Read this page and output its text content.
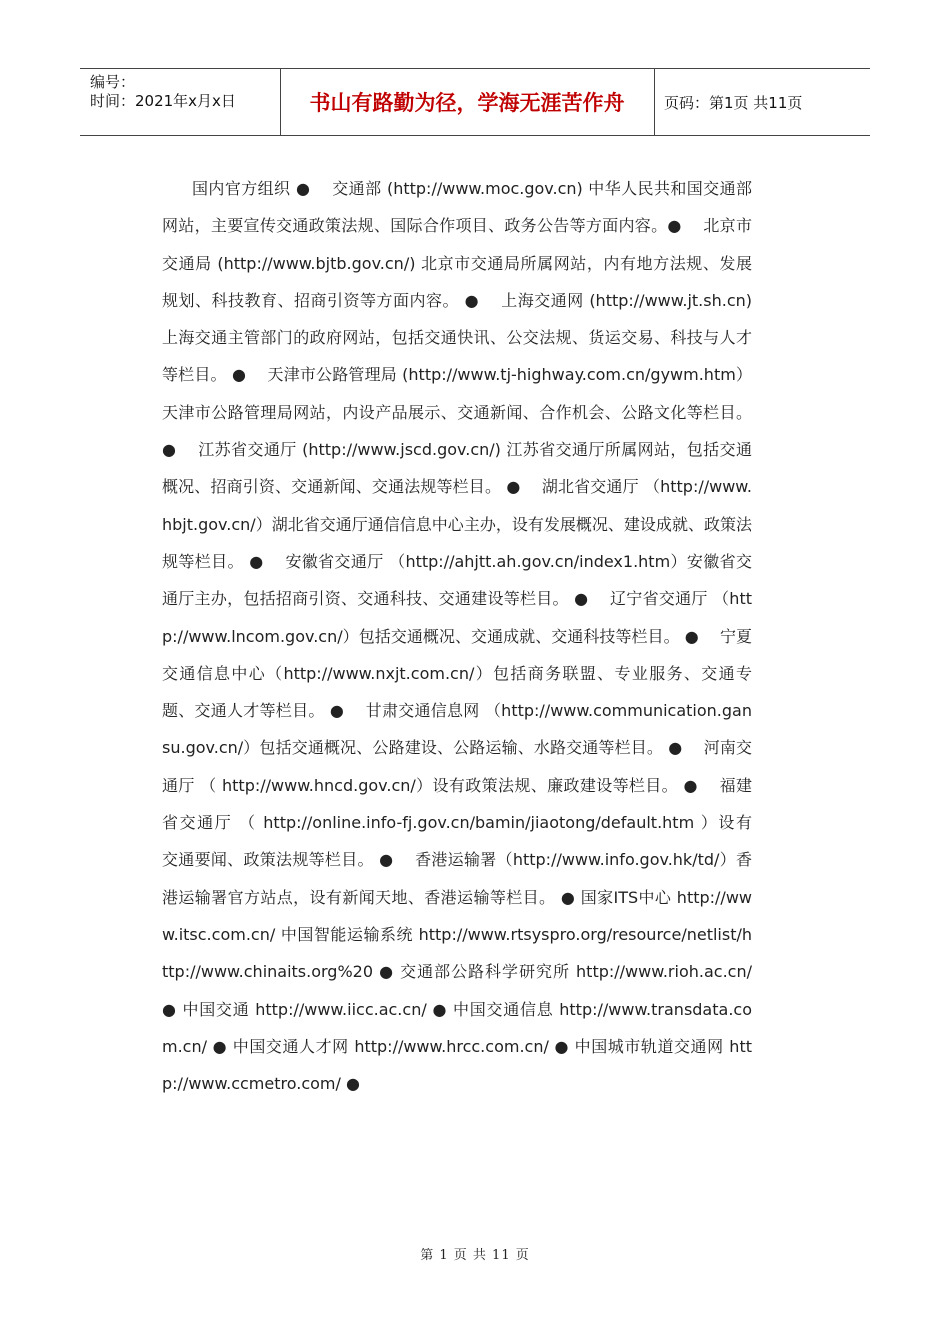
编号：
时间：2021年x月x日	书山有路勤为径，学海无涯苦作舟	页码：第1页 共11页
国内官方组织 ●　 交通部 (http://www.moc.gov.cn) 中华人民共和国交通部网站，主要宣传交通政策法规、国际合作项目、政务公告等方面内容。●　 北京市交通局 (http://www.bjtb.gov.cn/) 北京市交通局所属网站，内有地方法规、发展规划、科技教育、招商引资等方面内容。 ●　 上海交通网 (http://www.jt.sh.cn) 上海交通主管部门的政府网站，包括交通快讯、公交法规、货运交易、科技与人才等栏目。 ●　 天津市公路管理局 (http://www.tj-highway.com.cn/gywm.htm）天津市公路管理局网站，内设产品展示、交通新闻、合作机会、公路文化等栏目。 ●　 江苏省交通厅 (http://www.jscd.gov.cn/) 江苏省交通厅所属网站，包括交通概况、招商引资、交通新闻、交通法规等栏目。 ●　 湖北省交通厅 （http://www.hbjt.gov.cn/）湖北省交通厅通信信息中心主办，设有发展概况、建设成就、政策法规等栏目。 ●　 安徽省交通厅 （http://ahjtt.ah.gov.cn/index1.htm）安徽省交通厅主办，包括招商引资、交通科技、交通建设等栏目。 ●　 辽宁省交通厅 （http://www.lncom.gov.cn/）包括交通概况、交通成就、交通科技等栏目。 ●　 宁夏交通信息中心（http://www.nxjt.com.cn/）包括商务联盟、专业服务、交通专题、交通人才等栏目。 ●　 甘肃交通信息网 （http://www.communication.gansu.gov.cn/）包括交通概况、公路建设、公路运输、水路交通等栏目。 ●　 河南交通厅 （ http://www.hncd.gov.cn/）设有政策法规、廉政建设等栏目。 ●　 福建省交通厅 （ http://online.info-fj.gov.cn/bamin/jiaotong/default.htm ）设有交通要闻、政策法规等栏目。 ●　 香港运输署（http://www.info.gov.hk/td/）香港运输署官方站点，设有新闻天地、香港运输等栏目。 ● 国家ITS中心 http://www.itsc.com.cn/ 中国智能运输系统 http://www.rtsyspro.org/resource/netlist/http://www.chinaits.org%20 ● 交通部公路科学研究所 http://www.rioh.ac.cn/ ● 中国交通 http://www.iicc.ac.cn/ ● 中国交通信息 http://www.transdata.com.cn/ ● 中国交通人才网 http://www.hrcc.com.cn/ ● 中国城市轨道交通网 http://www.ccmetro.com/ ●
第 1 页 共 11 页
